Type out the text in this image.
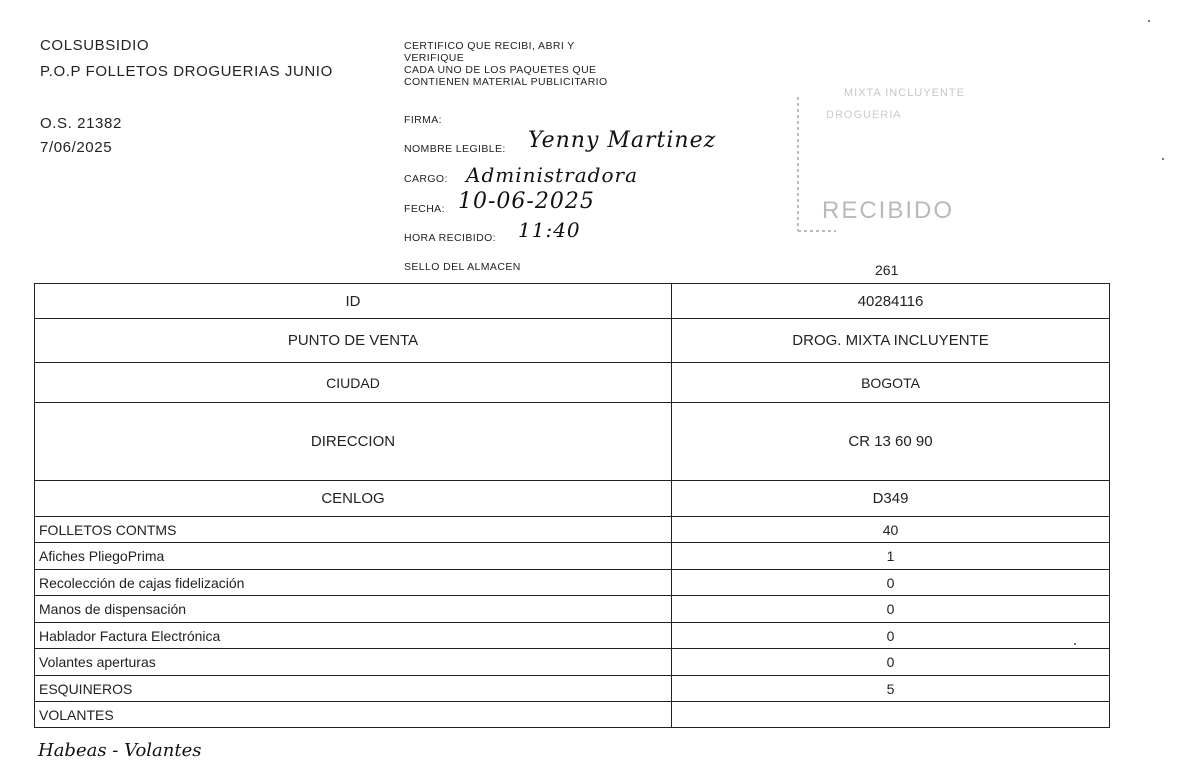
COLSUBSIDIO
P.O.P FOLLETOS DROGUERIAS JUNIO
O.S. 21382
7/06/2025
CERTIFICO QUE RECIBI, ABRI Y
VERIFIQUE
CADA UNO DE LOS PAQUETES QUE
CONTIENEN MATERIAL PUBLICITARIO
FIRMA:
NOMBRE LEGIBLE: Yenny Martinez
CARGO: Administradora
FECHA: 10-06-2025
HORA RECIBIDO: 11:40
SELLO DEL ALMACEN
MIXTA INCLUYENTE
DROGUERIA
RECIBIDO
261
ID	40284116
PUNTO DE VENTA	DROG. MIXTA INCLUYENTE
CIUDAD	BOGOTA
DIRECCION	CR 13 60 90
CENLOG	D349
FOLLETOS CONTMS	40
Afiches PliegoPrima	1
Recolección de cajas fidelización	0
Manos de dispensación	0
Hablador Factura Electrónica	0
Volantes aperturas	0
ESQUINEROS	5
VOLANTES	
Habeas - Volantes
